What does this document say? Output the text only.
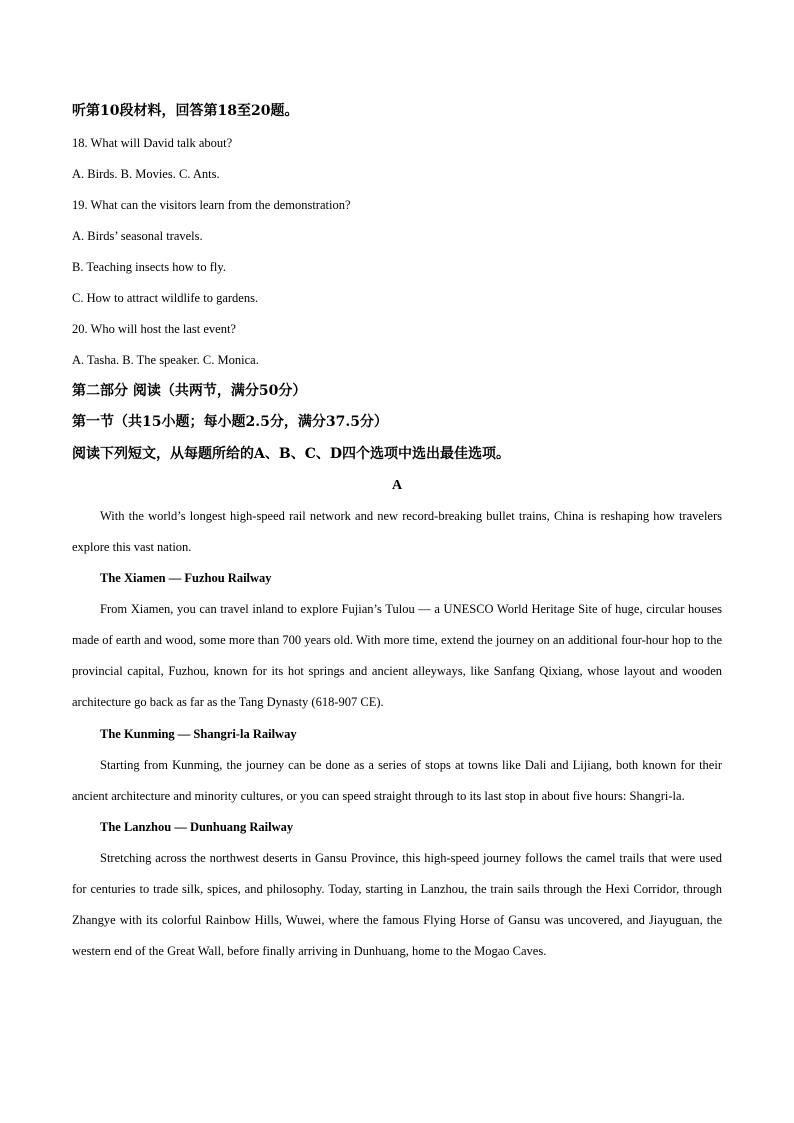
听第10段材料，回答第18至20题。
18. What will David talk about?
A. Birds. B. Movies. C. Ants.
19. What can the visitors learn from the demonstration?
A. Birds’ seasonal travels.
B. Teaching insects how to fly.
C. How to attract wildlife to gardens.
20. Who will host the last event?
A. Tasha. B. The speaker. C. Monica.
第二部分 阅读（共两节，满分50分）
第一节（共15小题；每小题2.5分，满分37.5分）
阅读下列短文，从每题所给的A、B、C、D四个选项中选出最佳选项。
A

With the world’s longest high-speed rail network and new record-breaking bullet trains, China is reshaping how travelers explore this vast nation.

The Xiamen — Fuzhou Railway

From Xiamen, you can travel inland to explore Fujian’s Tulou — a UNESCO World Heritage Site of huge, circular houses made of earth and wood, some more than 700 years old. With more time, extend the journey on an additional four-hour hop to the provincial capital, Fuzhou, known for its hot springs and ancient alleyways, like Sanfang Qixiang, whose layout and wooden architecture go back as far as the Tang Dynasty (618-907 CE).

The Kunming — Shangri-la Railway

Starting from Kunming, the journey can be done as a series of stops at towns like Dali and Lijiang, both known for their ancient architecture and minority cultures, or you can speed straight through to its last stop in about five hours: Shangri-la.

The Lanzhou — Dunhuang Railway

Stretching across the northwest deserts in Gansu Province, this high-speed journey follows the camel trails that were used for centuries to trade silk, spices, and philosophy. Today, starting in Lanzhou, the train sails through the Hexi Corridor, through Zhangye with its colorful Rainbow Hills, Wuwei, where the famous Flying Horse of Gansu was uncovered, and Jiayuguan, the western end of the Great Wall, before finally arriving in Dunhuang, home to the Mogao Caves.
